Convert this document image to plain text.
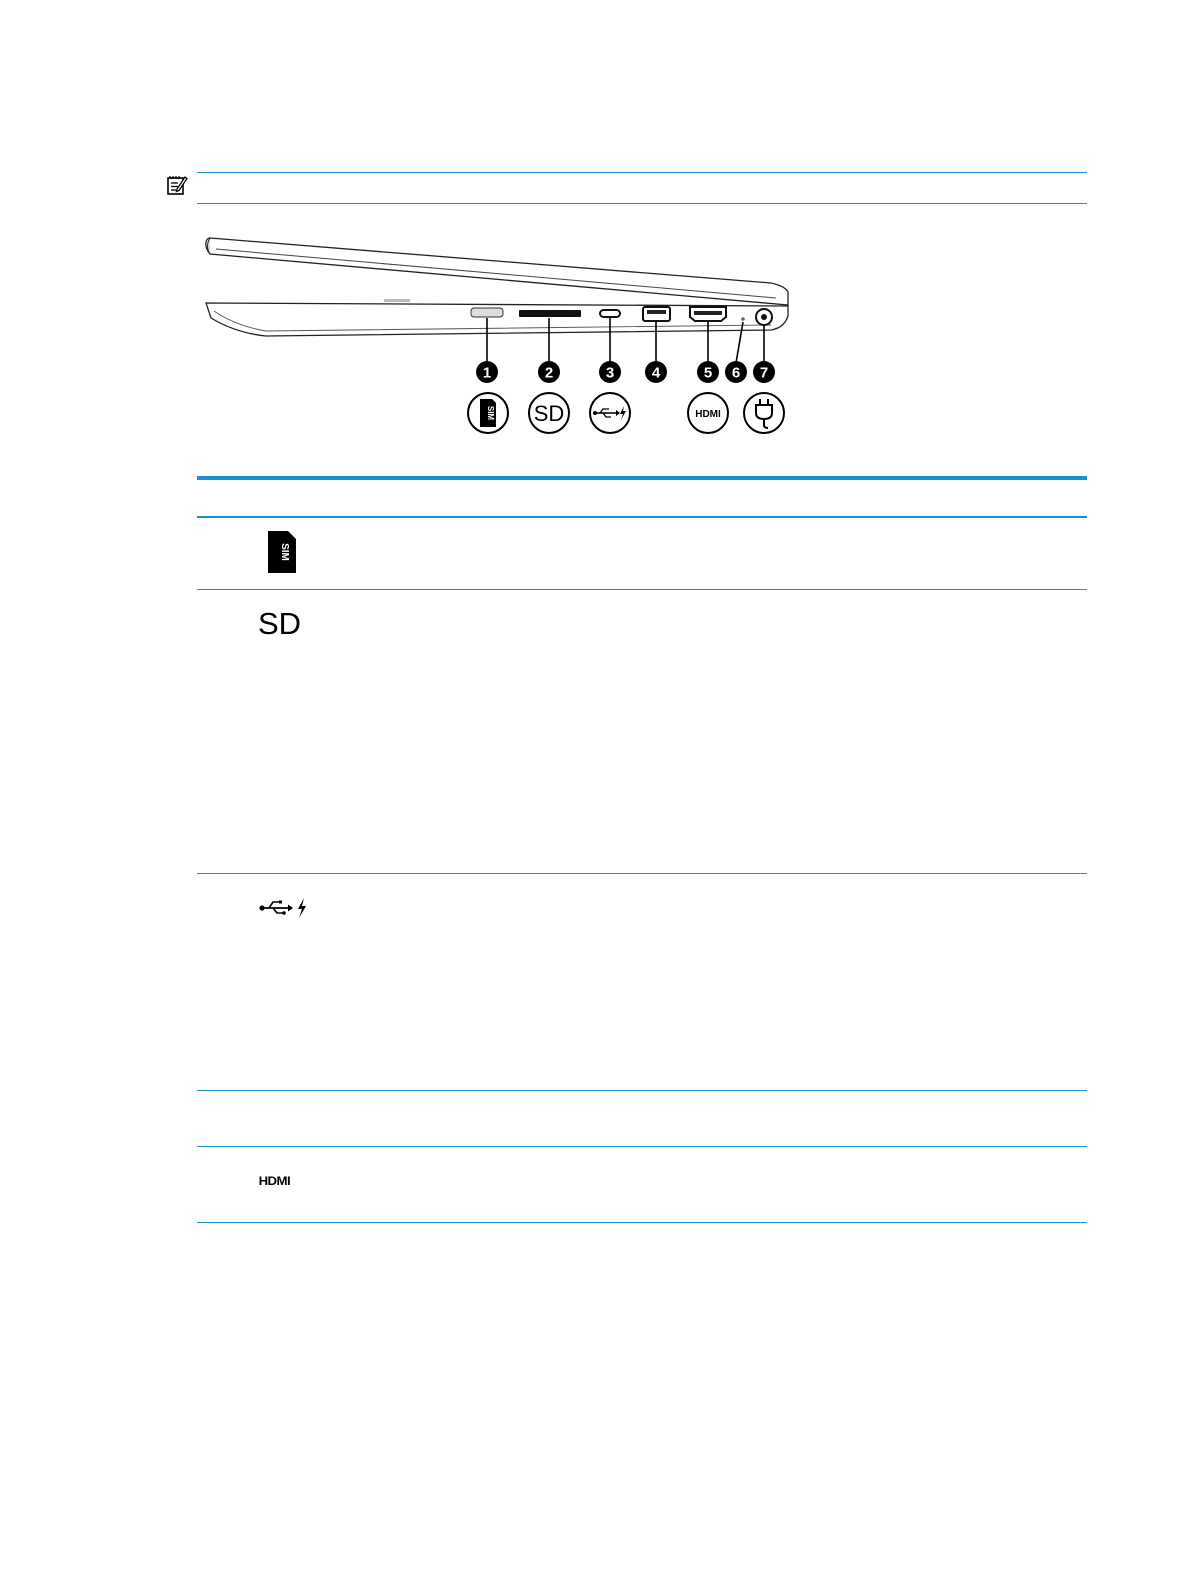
1	2	3	4	5 6 7
SIM SD	HDMI
SIM
SD
HDMI
